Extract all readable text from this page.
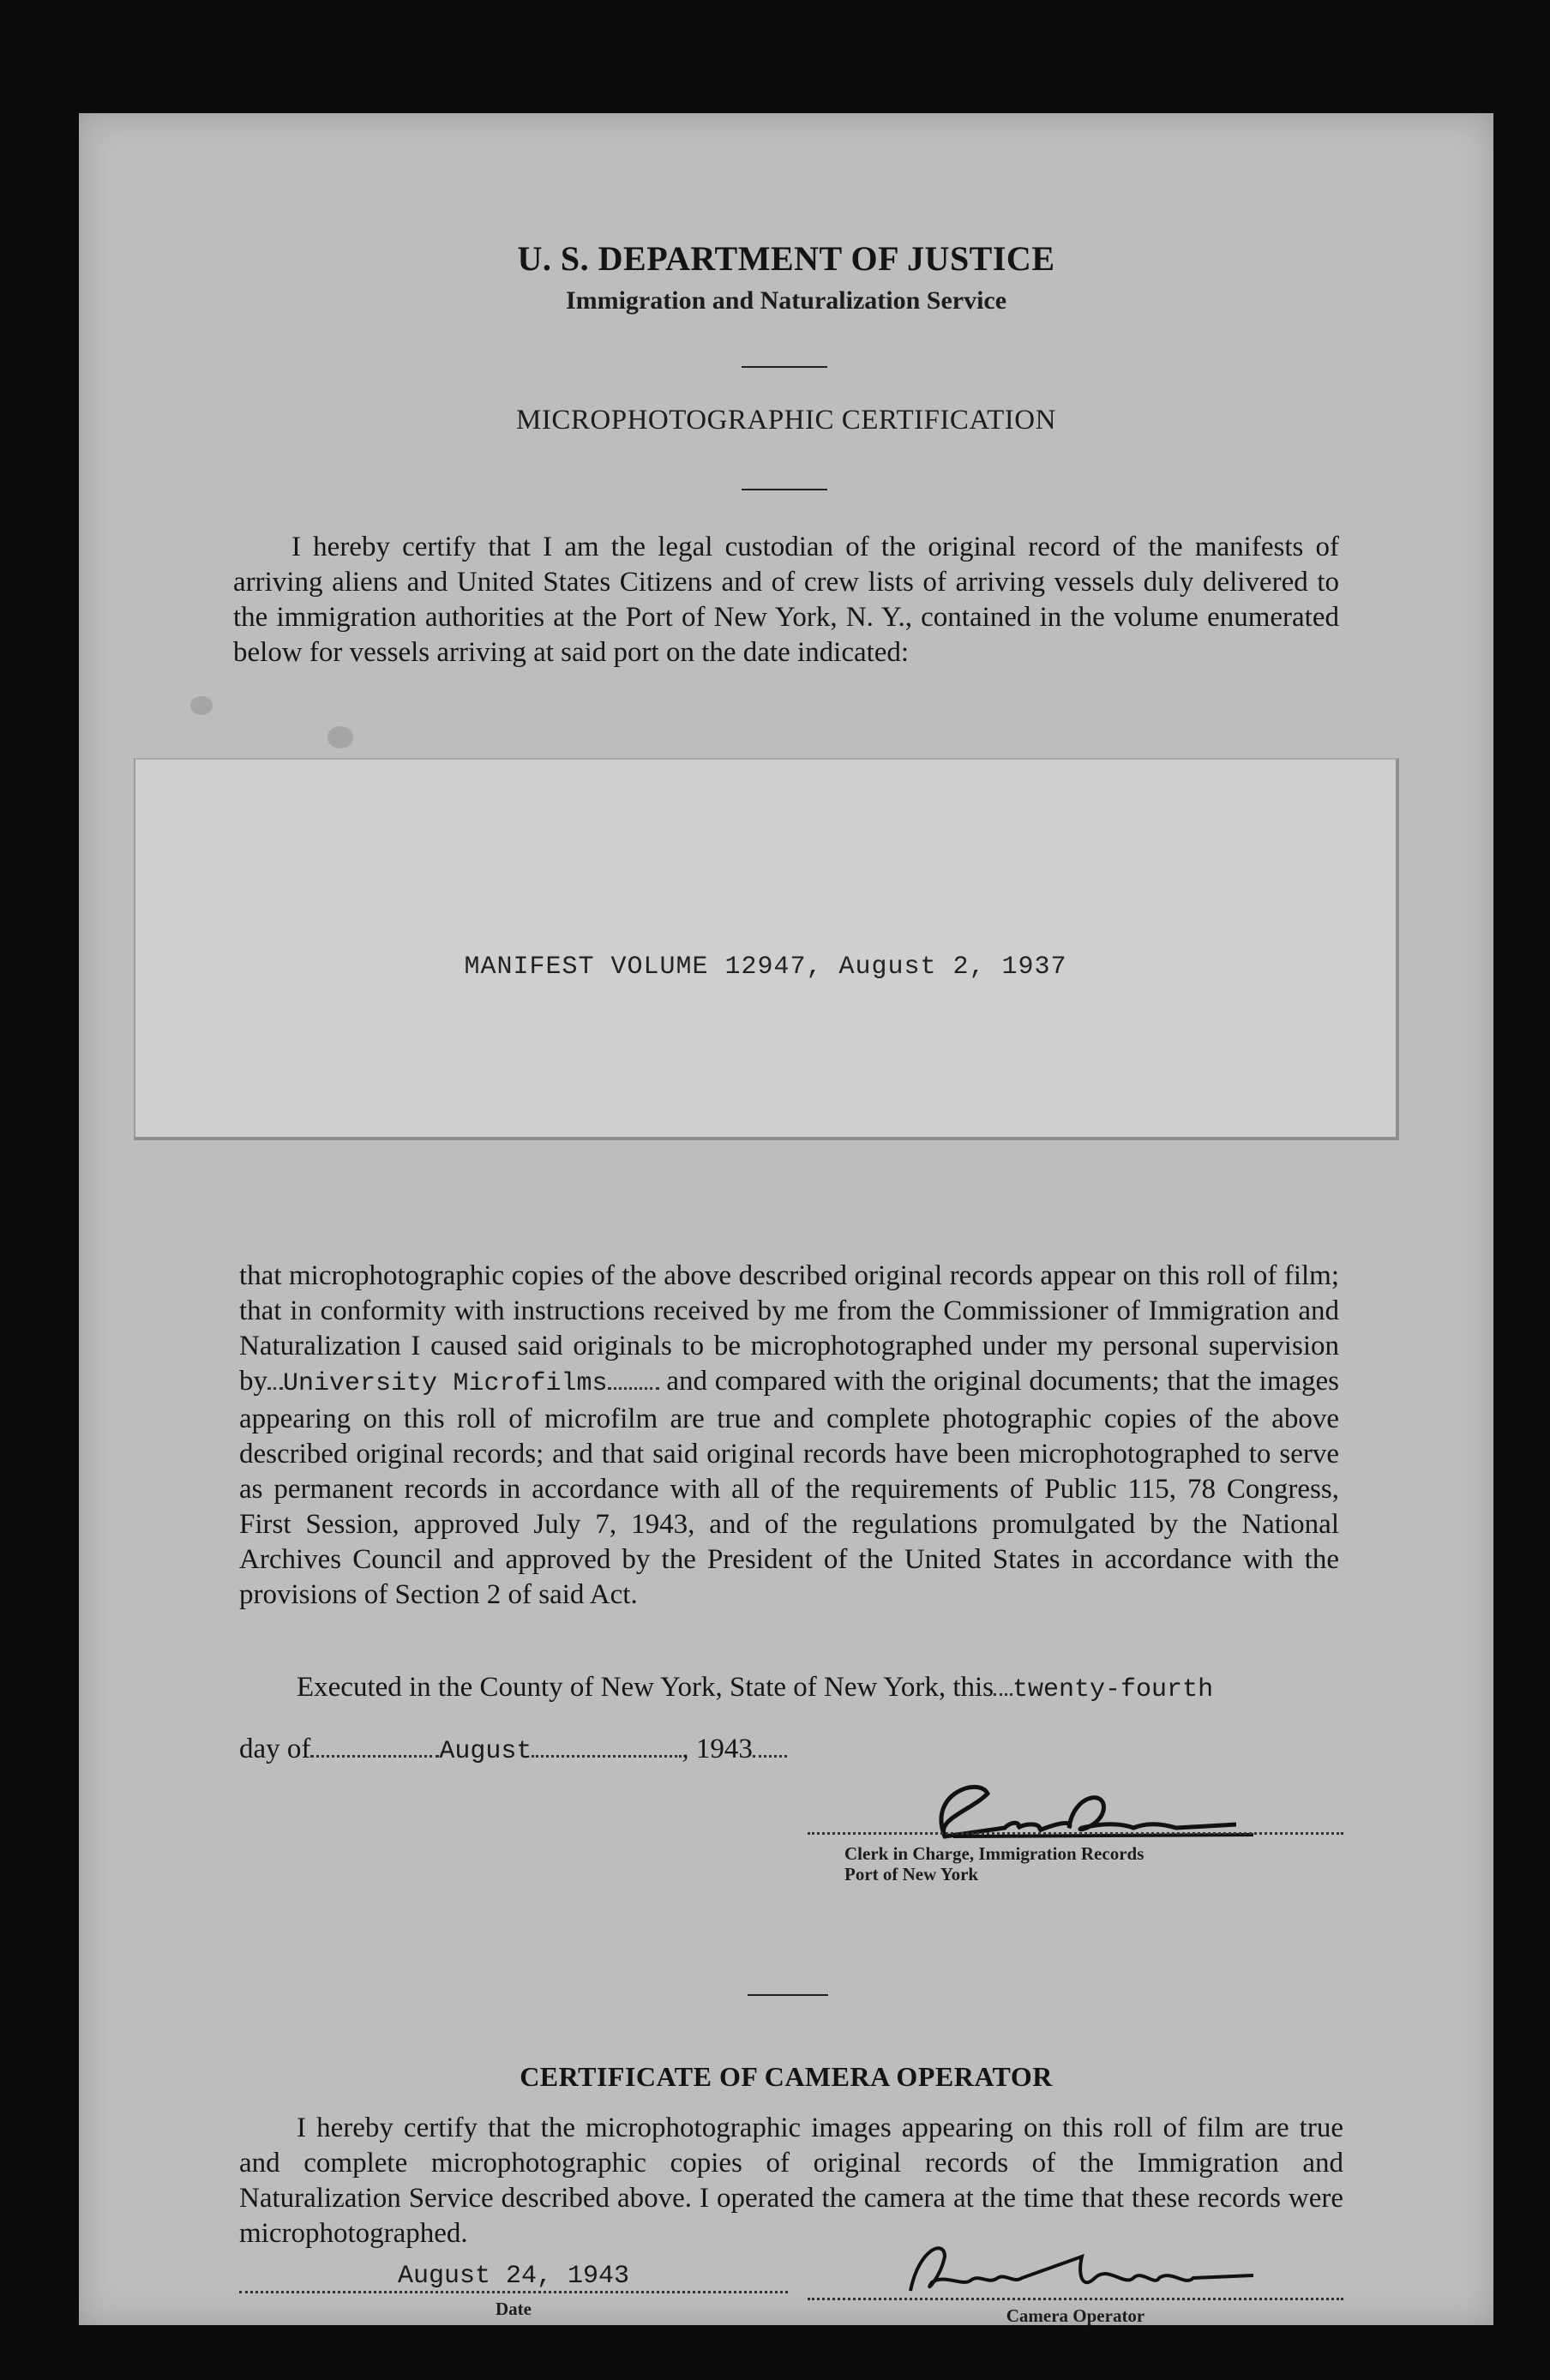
U. S. DEPARTMENT OF JUSTICE
Immigration and Naturalization Service
MICROPHOTOGRAPHIC CERTIFICATION
I hereby certify that I am the legal custodian of the original record of the manifests of arriving aliens and United States Citizens and of crew lists of arriving vessels duly delivered to the immigration authorities at the Port of New York, N. Y., contained in the volume enumerated below for vessels arriving at said port on the date indicated:
MANIFEST VOLUME 12947, August 2, 1937
that microphotographic copies of the above described original records appear on this roll of film; that in conformity with instructions received by me from the Commissioner of Immigration and Naturalization I caused said originals to be microphotographed under my personal supervision by University Microfilms and compared with the original documents; that the images appearing on this roll of microfilm are true and complete photographic copies of the above described original records; and that said original records have been microphotographed to serve as permanent records in accordance with all of the requirements of Public 115, 78 Congress, First Session, approved July 7, 1943, and of the regulations promulgated by the National Archives Council and approved by the President of the United States in accordance with the provisions of Section 2 of said Act.
Executed in the County of New York, State of New York, this twenty-fourth
day of	August	, 1943
Clerk in Charge, Immigration Records
Port of New York
CERTIFICATE OF CAMERA OPERATOR
I hereby certify that the microphotographic images appearing on this roll of film are true and complete microphotographic copies of original records of the Immigration and Naturalization Service described above. I operated the camera at the time that these records were microphotographed.
August 24, 1943
Date	Camera Operator
